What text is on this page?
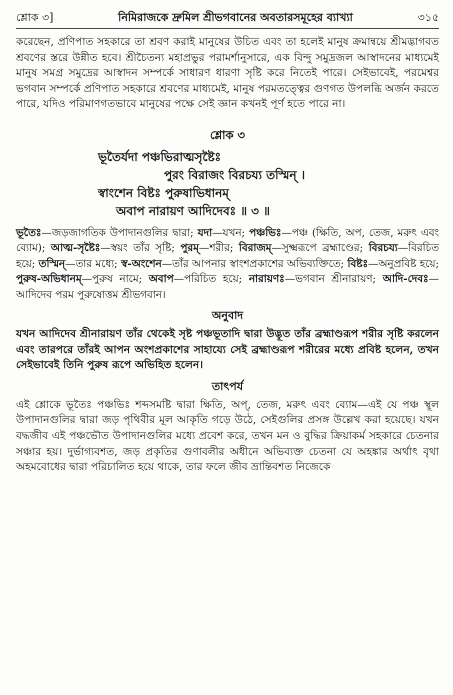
শ্লোক ৩]	নিমিরাজকে দ্রুমিল শ্রীভগবানের অবতারসমূহের ব্যাখ্যা	৩১৫

করেছেন, প্রণিপাত সহকারে তা শ্রবণ করাই মানুষের উচিত এবং তা হলেই মানুষ ক্রমান্বয়ে শ্রীমদ্ভাগবত শ্রবণের স্তরে উন্নীত হবে। শ্রীচৈতন্য মহাপ্রভুর পরামর্শানুসারে, এক বিন্দু সমুদ্রজল আস্বাদনের মাধ্যমেই মানুষ সমগ্র সমুদ্রের আস্বাদন সম্পর্কে সাধারণ ধারণা সৃষ্টি করে নিতেই পারে। সেইভাবেই, পরমেশ্বর ভগবান সম্পর্কে প্রণিপাত সহকারে শ্রবণের মাধ্যমেই, মানুষ পরমতত্ত্বের গুণগত উপলব্ধি অর্জন করতে পারে, যদিও পরিমাণগতভাবে মানুষের পক্ষে সেই জ্ঞান কখনই পূর্ণ হতে পারে না।

শ্লোক ৩

ভূতৈর্যদা পঞ্চভিরাত্মসৃষ্টৈঃ

পুরং বিরাজং বিরচয্য তস্মিন্ ।

স্বাংশেন বিষ্টঃ পুরুষাভিধানম্

অবাপ নারায়ণ আদিদেবঃ ॥ ৩ ॥

ভূতৈঃ—জড়জাগতিক উপাদানগুলির দ্বারা; যদা—যখন; পঞ্চভিঃ—পঞ্চ (ক্ষিতি, অপ, তেজ, মরুৎ এবং ব্যোম); আত্ম-সৃষ্টৈঃ—স্বয়ং তাঁর সৃষ্টি; পুরম্—শরীর; বিরাজম্—সুক্ষ্মরূপে ব্রহ্মাণ্ডের; বিরচয্য—বিরচিত হয়ে; তস্মিন্—তার মধ্যে; স্ব-অংশেন—তাঁর আপনার স্বাংশপ্রকাশের অভিব্যক্তিতে; বিষ্টঃ—অনুপ্রবিষ্ট হয়ে; পুরুষ-অভিধানম্—পুরুষ নামে; অবাপ—পরিচিত হয়ে; নারায়ণঃ—ভগবান শ্রীনারায়ণ; আদি-দেবঃ—আদিদেব পরম পুরুষোত্তম শ্রীভগবান।

অনুবাদ

যখন আদিদেব শ্রীনারায়ণ তাঁর থেকেই সৃষ্ট পঞ্চভূতাদি দ্বারা উদ্ভূত তাঁর ব্রহ্মাণ্ডরূপ শরীর সৃষ্টি করলেন এবং তারপরে তাঁরই আপন অংশপ্রকাশের সাহায্যে সেই ব্রহ্মাণ্ডরূপ শরীরের মধ্যে প্রবিষ্ট হলেন, তখন সেইভাবেই তিনি পুরুষ রূপে অভিহিত হলেন।

তাৎপর্য

এই শ্লোকে ভূতৈঃ পঞ্চভিঃ শব্দসমষ্টি দ্বারা ক্ষিতি, অপ্, তেজ, মরুৎ এবং ব্যোম—এই যে পঞ্চ স্থূল উপাদানগুলির দ্বারা জড় পৃথিবীর মূল আকৃতি গড়ে উঠে, সেইগুলির প্রসঙ্গ উল্লেখ করা হয়েছে। যখন বদ্ধজীব এই পঞ্চভৌত উপাদানগুলির মধ্যে প্রবেশ করে, তখন মন ও বুদ্ধির ক্রিয়াকর্ম সহকারে চেতনার সঞ্চার হয়। দুর্ভাগ্যবশত, জড় প্রকৃতির গুণাবলীর অধীনে অভিব্যক্ত চেতনা যে অহঙ্কার অর্থাৎ বৃথা অহমবোধের দ্বারা পরিচালিত হয়ে থাকে, তার ফলে জীব ভ্রান্তিবশত নিজেকে
